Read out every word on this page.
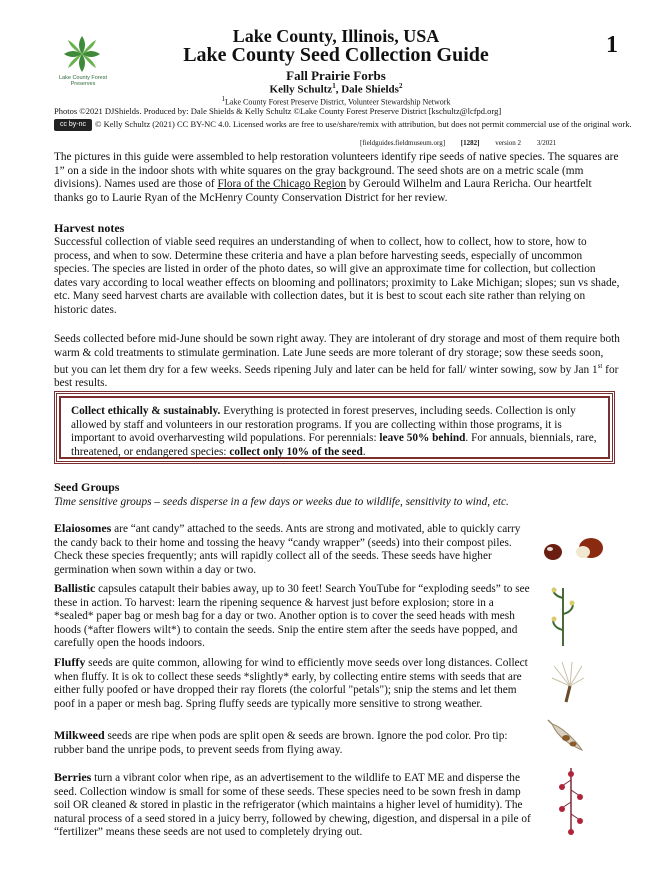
Lake County Forest Preserves
1
Lake County, Illinois, USA
Lake County Seed Collection Guide
Fall Prairie Forbs
Kelly Schultz$^1$, Dale Shields$^2$
$^1$Lake County Forest Preserve District, Volunteer Stewardship Network
Photos ©2021 DJShields. Produced by: Dale Shields & Kelly Schultz ©Lake County Forest Preserve District [kschultz@lcfpd.org]
cc by-nc © Kelly Schultz (2021) CC BY-NC 4.0. Licensed works are free to use/share/remix with attribution, but does not permit commercial use of the original work.
[fieldguides.fieldmuseum.org] [1282] version 2 3/2021
The pictures in this guide were assembled to help restoration volunteers identify ripe seeds of native species. The squares are 1” on a side in the indoor shots with white squares on the gray background. The seed shots are on a metric scale (mm divisions). Names used are those of Flora of the Chicago Region by Gerould Wilhelm and Laura Rericha. Our heartfelt thanks go to Laurie Ryan of the McHenry County Conservation District for her review.
Harvest notes
Successful collection of viable seed requires an understanding of when to collect, how to collect, how to store, how to process, and when to sow. Determine these criteria and have a plan before harvesting seeds, especially of uncommon species. The species are listed in order of the photo dates, so will give an approximate time for collection, but collection dates vary according to local weather effects on blooming and pollinators; proximity to Lake Michigan; slopes; sun vs shade, etc. Many seed harvest charts are available with collection dates, but it is best to scout each site rather than relying on historic dates.
Seeds collected before mid-June should be sown right away. They are intolerant of dry storage and most of them require both warm & cold treatments to stimulate germination. Late June seeds are more tolerant of dry storage; sow these seeds soon, but you can let them dry for a few weeks. Seeds ripening July and later can be held for fall/ winter sowing, sow by Jan 1st for best results.
Collect ethically & sustainably. Everything is protected in forest preserves, including seeds. Collection is only allowed by staff and volunteers in our restoration programs. If you are collecting within those programs, it is important to avoid overharvesting wild populations. For perennials: leave 50% behind. For annuals, biennials, rare, threatened, or endangered species: collect only 10% of the seed.
Seed Groups
Time sensitive groups – seeds disperse in a few days or weeks due to wildlife, sensitivity to wind, etc.
Elaiosomes are “ant candy” attached to the seeds. Ants are strong and motivated, able to quickly carry the candy back to their home and tossing the heavy “candy wrapper” (seeds) into their compost piles. Check these species frequently; ants will rapidly collect all of the seeds. These seeds have higher germination when sown within a day or two.
Ballistic capsules catapult their babies away, up to 30 feet! Search YouTube for “exploding seeds” to see these in action. To harvest: learn the ripening sequence & harvest just before explosion; store in a *sealed* paper bag or mesh bag for a day or two. Another option is to cover the seed heads with mesh hoods (*after flowers wilt*) to contain the seeds. Snip the entire stem after the seeds have popped, and carefully open the hoods indoors.
Fluffy seeds are quite common, allowing for wind to efficiently move seeds over long distances. Collect when fluffy. It is ok to collect these seeds *slightly* early, by collecting entire stems with seeds that are either fully poofed or have dropped their ray florets (the colorful "petals"); snip the stems and let them poof in a paper or mesh bag. Spring fluffy seeds are typically more sensitive to strong weather.
Milkweed seeds are ripe when pods are split open & seeds are brown. Ignore the pod color. Pro tip: rubber band the unripe pods, to prevent seeds from flying away.
Berries turn a vibrant color when ripe, as an advertisement to the wildlife to EAT ME and disperse the seed. Collection window is small for some of these seeds. These species need to be sown fresh in damp soil OR cleaned & stored in plastic in the refrigerator (which maintains a higher level of humidity). The natural process of a seed stored in a juicy berry, followed by chewing, digestion, and dispersal in a pile of “fertilizer” means these seeds are not used to completely drying out.
